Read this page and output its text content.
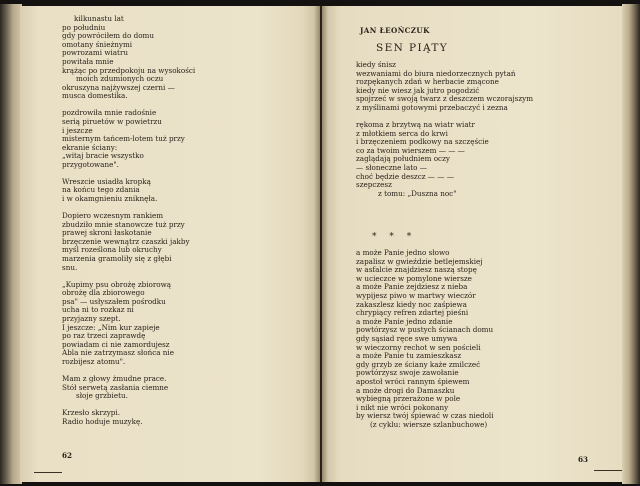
kilkunastu lat
po południu
gdy powróciłem do domu
omotany śnieżnymi
powrozami wiatru
powitała mnie
krążąc po przedpokoju na wysokości
moich zdumionych oczu
okruszyna najżywszej czerni —
musca domestika.
pozdrowiła mnie radośnie
serią piruetów w powietrzu
i jeszcze
misternym tańcem-lotem tuż przy
ekranie ściany:
„witaj bracie wszystko
przygotowane".
Wreszcie usiadła kropką
na końcu tego zdania
i w okamgnieniu zniknęła.
Dopiero wczesnym rankiem
zbudziło mnie stanowcze tuż przy
prawej skroni łaskotanie
brzęczenie wewnątrz czaszki jakby
myśl roześlona lub okruchy
marzenia gramoliły się z głębi
snu.
„Kupimy psu obrożę zbiorową
obrożę dla zbiorowego
psa" — usłyszałem pośrodku
ucha ni to rozkaz ni
przyjazny szept.
I jeszcze: „Nim kur zapieje
po raz trzeci zaprawdę
powiadam ci nie zamordujesz
Abla nie zatrzymasz słońca nie
rozbijesz atomu".
Mam z głowy żmudne prace.
Stół serwetą zasłania ciemne
słoje grzbietu.
Krzesło skrzypi.
Radio hoduje muzykę.
62
JAN ŁEOŃCZUK
SEN PIĄTY
kiedy śnisz
wezwaniami do biura niedorzecznych pytań
rozpękanych zdań w herbacie zmącone
kiedy nie wiesz jak jutro pogodzić
spojrzeć w swoją twarz z deszczem wczorajszym
z myślinami gotowymi przebaczyć i zezna
rękoma z brzytwą na wiatr wiatr
z młotkiem serca do krwi
i brzęczeniem podkowy na szczęście
co za twoim wierszem — — —
zaglądają południem oczy
— słoneczne lato —
choć będzie deszcz — — —
szepczesz
z tomu: „Duszna noc"
* * *
a może Panie jedno słowo
zapalisz w gwieździe betlejemskiej
w asfalcie znajdziesz naszą stopę
w ucieczce w pomylone wiersze
a może Panie zejdziesz z nieba
wypijesz piwo w martwy wieczór
zakaszlesz kiedy noc zaśpiewa
chrypiący refren zdartej pieśni
a może Panie jedno zdanie
powtórzysz w pustych ścianach domu
gdy sąsiad ręce swe umywa
w wieczorny rechot w sen pościeli
a może Panie tu zamieszkasz
gdy grzyb ze ściany każe zmilczeć
powtórzysz swoje zawołanie
apostoł wróci rannym śpiewem
a może drogi do Damaszku
wybiegną przerażone w pole
i nikt nie wróci pokonany
by wiersz twój śpiewać w czas niedoli
(z cyklu: wiersze szlanbuchowe)
63
